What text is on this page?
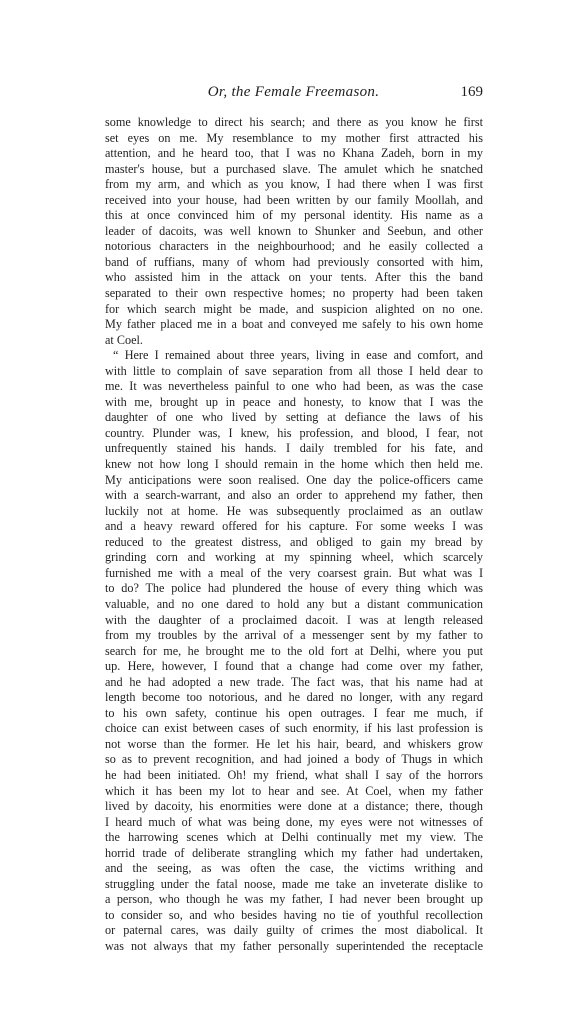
Or, the Female Freemason.	169
some knowledge to direct his search; and there as you know he first
set eyes on me. My resemblance to my mother first attracted his
attention, and he heard too, that I was no Khana Zadeh, born in my
master's house, but a purchased slave. The amulet which he snatched
from my arm, and which as you know, I had there when I was first
received into your house, had been written by our family Moollah, and
this at once convinced him of my personal identity. His name as a
leader of dacoits, was well known to Shunker and Seebun, and other
notorious characters in the neighbourhood; and he easily collected a
band of ruffians, many of whom had previously consorted with him,
who assisted him in the attack on your tents. After this the band
separated to their own respective homes; no property had been taken
for which search might be made, and suspicion alighted on no one.
My father placed me in a boat and conveyed me safely to his own home
at Coel.
“ Here I remained about three years, living in ease and comfort, and
with little to complain of save separation from all those I held dear to
me. It was nevertheless painful to one who had been, as was the case
with me, brought up in peace and honesty, to know that I was the
daughter of one who lived by setting at defiance the laws of his
country. Plunder was, I knew, his profession, and blood, I fear, not
unfrequently stained his hands. I daily trembled for his fate, and
knew not how long I should remain in the home which then held me.
My anticipations were soon realised. One day the police-officers came
with a search-warrant, and also an order to apprehend my father, then
luckily not at home. He was subsequently proclaimed as an outlaw
and a heavy reward offered for his capture. For some weeks I was
reduced to the greatest distress, and obliged to gain my bread by
grinding corn and working at my spinning wheel, which scarcely
furnished me with a meal of the very coarsest grain. But what was I
to do? The police had plundered the house of every thing which was
valuable, and no one dared to hold any but a distant communication
with the daughter of a proclaimed dacoit. I was at length released
from my troubles by the arrival of a messenger sent by my father to
search for me, he brought me to the old fort at Delhi, where you put
up. Here, however, I found that a change had come over my father,
and he had adopted a new trade. The fact was, that his name had at
length become too notorious, and he dared no longer, with any regard
to his own safety, continue his open outrages. I fear me much, if
choice can exist between cases of such enormity, if his last profession is
not worse than the former. He let his hair, beard, and whiskers grow
so as to prevent recognition, and had joined a body of Thugs in which
he had been initiated. Oh! my friend, what shall I say of the horrors
which it has been my lot to hear and see. At Coel, when my father
lived by dacoity, his enormities were done at a distance; there, though
I heard much of what was being done, my eyes were not witnesses of
the harrowing scenes which at Delhi continually met my view. The
horrid trade of deliberate strangling which my father had undertaken,
and the seeing, as was often the case, the victims writhing and
struggling under the fatal noose, made me take an inveterate dislike to
a person, who though he was my father, I had never been brought up
to consider so, and who besides having no tie of youthful recollection
or paternal cares, was daily guilty of crimes the most diabolical. It
was not always that my father personally superintended the receptacle
